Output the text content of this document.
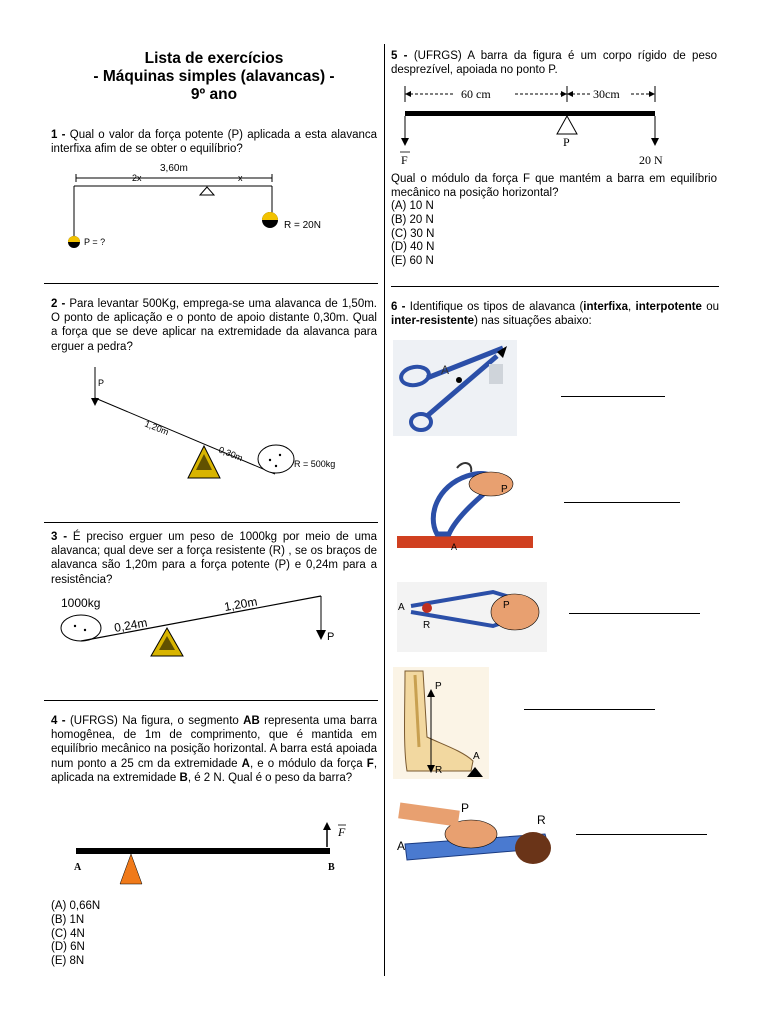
Lista de exercícios
- Máquinas simples (alavancas) -
9º ano
1 - Qual o valor da força potente (P) aplicada a esta alavanca interfixa afim de se obter o equilíbrio?
3,60m
2x	x
P = ?
R = 20N
2 - Para levantar 500Kg, emprega-se uma alavanca de 1,50m. O ponto de aplicação e o ponto de apoio distante 0,30m. Qual a força que se deve aplicar na extremidade da alavanca para erguer a pedra?
P
1,20m
0,30m
R = 500kg
3 - É preciso erguer um peso de 1000kg por meio de uma alavanca; qual deve ser a força resistente (R) , se os braços de alavanca são 1,20m para a força potente (P) e 0,24m para a resistência?
1000kg
0,24m
1,20m
P
4 - (UFRGS) Na figura, o segmento AB representa uma barra homogênea, de 1m de comprimento, que é mantida em equilíbrio mecânico na posição horizontal. A barra está apoiada num ponto a 25 cm da extremidade A, e o módulo da força F, aplicada na extremidade B, é 2 N. Qual é o peso da barra?
A	B
F
(A) 0,66N
(B) 1N
(C) 4N
(D) 6N
(E) 8N
5 - (UFRGS) A barra da figura é um corpo rígido de peso desprezível, apoiada no ponto P.
60 cm	30cm
F
P
20 N
Qual o módulo da força F que mantém a barra em equilíbrio mecânico na posição horizontal?
(A) 10 N
(B) 20 N
(C) 30 N
(D) 40 N
(E) 60 N
6 - Identifique os tipos de alavanca (interfixa, interpotente ou inter-resistente) nas situações abaixo:
A
P
A
A
R
P
P
R
A
A
P
R
